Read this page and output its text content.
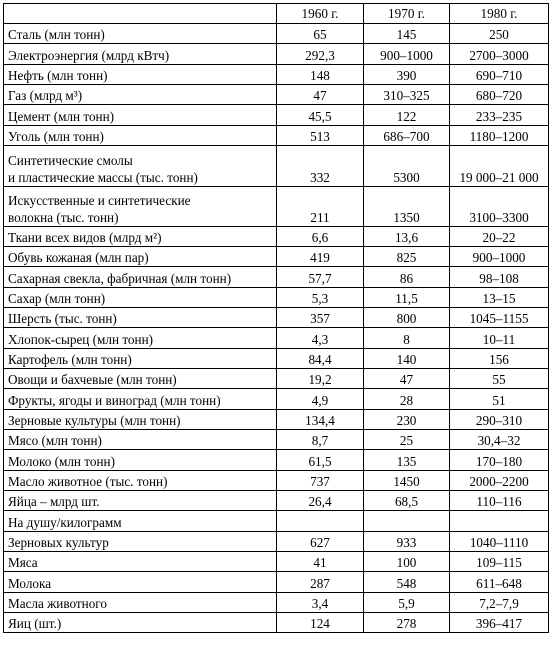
	1960 г.	1970 г.	1980 г.

Сталь (млн тонн)	65	145	250

Электроэнергия (млрд кВтч)	292,3	900–1000	2700–3000

Нефть (млн тонн)	148	390	690–710

Газ (млрд м³)	47	310–325	680–720

Цемент (млн тонн)	45,5	122	233–235

Уголь (млн тонн)	513	686–700	1180–1200

Синтетические смолы
и пластические массы (тыс. тонн)	332	5300	19 000–21 000

Искусственные и синтетические
волокна (тыс. тонн)	211	1350	3100–3300

Ткани всех видов (млрд м²)	6,6	13,6	20–22

Обувь кожаная (млн пар)	419	825	900–1000

Сахарная свекла, фабричная (млн тонн)	57,7	86	98–108

Сахар (млн тонн)	5,3	11,5	13–15

Шерсть (тыс. тонн)	357	800	1045–1155

Хлопок-сырец (млн тонн)	4,3	8	10–11

Картофель (млн тонн)	84,4	140	156

Овощи и бахчевые (млн тонн)	19,2	47	55

Фрукты, ягоды и виноград (млн тонн)	4,9	28	51

Зерновые культуры (млн тонн)	134,4	230	290–310

Мясо (млн тонн)	8,7	25	30,4–32

Молоко (млн тонн)	61,5	135	170–180

Масло животное (тыс. тонн)	737	1450	2000–2200

Яйца – млрд шт.	26,4	68,5	110–116

На душу/килограмм			

Зерновых культур	627	933	1040–1110

Мяса	41	100	109–115

Молока	287	548	611–648

Масла животного	3,4	5,9	7,2–7,9

Яиц (шт.)	124	278	396–417
